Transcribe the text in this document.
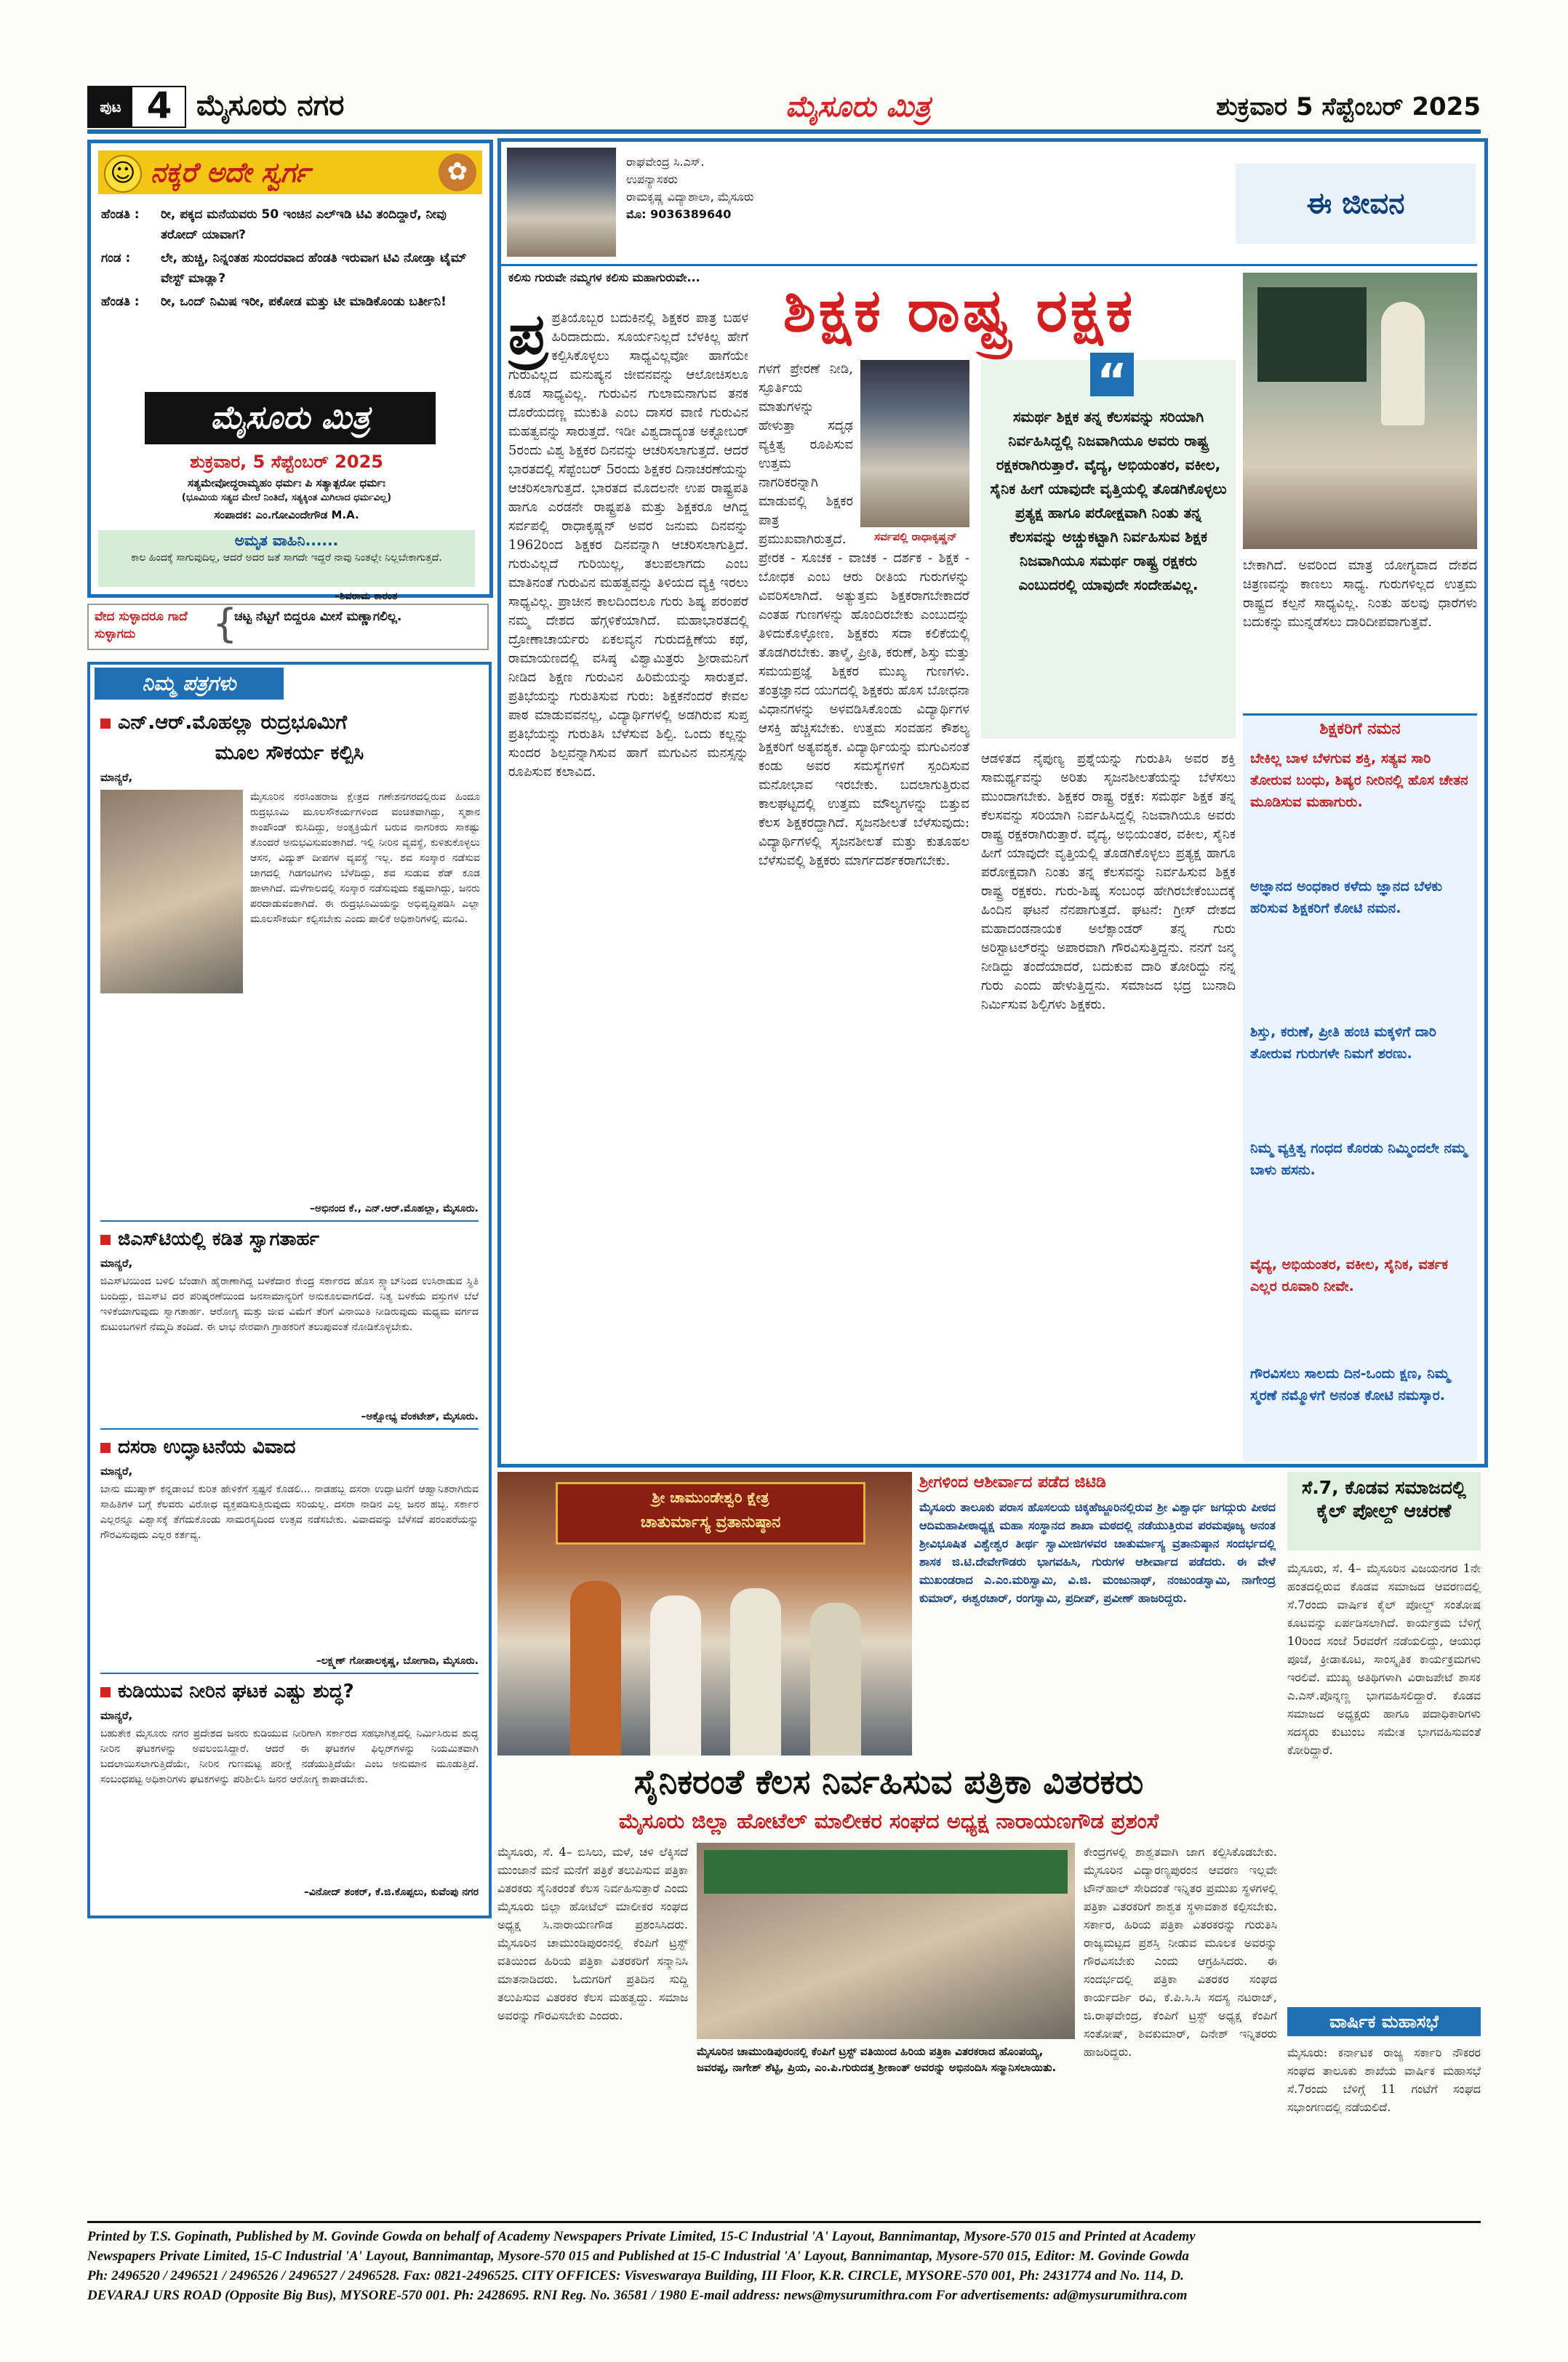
ಪುಟ 4 ಮೈಸೂರು ನಗರ	ಮೈಸೂರು ಮಿತ್ರ	ಶುಕ್ರವಾರ 5 ಸೆಪ್ಟೆಂಬರ್ 2025
☺ ನಕ್ಕರೆ ಅದೇ ಸ್ವರ್ಗ	✿
ಹೆಂಡತಿ :	ರೀ, ಪಕ್ಕದ ಮನೆಯವರು 50 ಇಂಚಿನ ಎಲ್‌ಇಡಿ ಟಿವಿ ತಂದಿದ್ದಾರೆ, ನೀವು ತರೋದ್ ಯಾವಾಗ?
ಗಂಡ :	ಲೇ, ಹುಚ್ಚಿ, ನಿನ್ನಂತಹ ಸುಂದರವಾದ ಹೆಂಡತಿ ಇರುವಾಗ ಟಿವಿ ನೋಡ್ತಾ ಟೈಮ್ ವೇಸ್ಟ್ ಮಾಡ್ಲಾ?
ಹೆಂಡತಿ :	ರೀ, ಒಂದ್ ನಿಮಿಷ ಇರೀ, ಪಕೋಡ ಮತ್ತು ಟೀ ಮಾಡಿಕೊಂಡು ಬರ್ತೀನಿ!
ಮೈಸೂರು ಮಿತ್ರ
ಶುಕ್ರವಾರ, 5 ಸೆಪ್ಟೆಂಬರ್ 2025
ಸತ್ಯಮೇವೋದ್ಧರಾಮ್ಯಹಂ ಧರ್ಮಃ ಪಿ ಸತ್ಯಾತ್ಪರೋ ಧರ್ಮಃ
(ಭೂಮಿಯ ಸತ್ಯದ ಮೇಲೆ ನಿಂತಿದೆ, ಸತ್ಯಕ್ಕಿಂತ ಮಿಗಿಲಾದ ಧರ್ಮವಿಲ್ಲ)
ಸಂಪಾದಕ: ಎಂ.ಗೋವಿಂದೇಗೌಡ M.A.
ಅಮೃತ ವಾಹಿನಿ......
ಕಾಲ ಹಿಂದಕ್ಕೆ ಸಾಗುವುದಿಲ್ಲ, ಆದರೆ ಅದರ ಜತೆ ಸಾಗದೇ ಇದ್ದರೆ ನಾವು ನಿಂತಲ್ಲೇ ನಿಲ್ಲಬೇಕಾಗುತ್ತದೆ.
–ಶಿವರಾಮ ಕಾರಂತ
ವೇದ ಸುಳ್ಳಾದರೂ ಗಾದೆ ಸುಳ್ಳಾಗದು	{
ಚಟ್ಟ ನೆಟ್ಟಗೆ ಬಿದ್ದರೂ ಮೀಸೆ ಮಣ್ಣಾಗಲಿಲ್ಲ.
ನಿಮ್ಮ ಪತ್ರಗಳು
ಎನ್.ಆರ್.ಮೊಹಲ್ಲಾ ರುದ್ರಭೂಮಿಗೆ
ಮೂಲ ಸೌಕರ್ಯ ಕಲ್ಪಿಸಿ
ಮಾನ್ಯರೆ,
ಮೈಸೂರಿನ ನರಸಿಂಹರಾಜ ಕ್ಷೇತ್ರದ ಗಣೇಶನಗರದಲ್ಲಿರುವ ಹಿಂದೂ ರುದ್ರಭೂಮಿ ಮೂಲಸೌಕರ್ಯಗಳಿಂದ ವಂಚಿತವಾಗಿದ್ದು, ಸ್ಮಶಾನ ಕಾಂಪೌಂಡ್ ಕುಸಿದಿದ್ದು, ಅಂತ್ಯಕ್ರಿಯೆಗೆ ಬರುವ ನಾಗರಿಕರು ಸಾಕಷ್ಟು ತೊಂದರೆ ಅನುಭವಿಸುವಂತಾಗಿದೆ. ಇಲ್ಲಿ ನೀರಿನ ವ್ಯವಸ್ಥೆ, ಕುಳಿತುಕೊಳ್ಳಲು ಆಸನ, ವಿದ್ಯುತ್ ದೀಪಗಳ ವ್ಯವಸ್ಥೆ ಇಲ್ಲ. ಶವ ಸಂಸ್ಕಾರ ನಡೆಸುವ ಜಾಗದಲ್ಲಿ ಗಿಡಗಂಟಿಗಳು ಬೆಳೆದಿದ್ದು, ಶವ ಸುಡುವ ಶೆಡ್ ಕೂಡ ಹಾಳಾಗಿದೆ. ಮಳೆಗಾಲದಲ್ಲಿ ಸಂಸ್ಕಾರ ನಡೆಸುವುದು ಕಷ್ಟವಾಗಿದ್ದು, ಜನರು ಪರದಾಡುವಂತಾಗಿದೆ. ಈ ರುದ್ರಭೂಮಿಯನ್ನು ಅಭಿವೃದ್ಧಿಪಡಿಸಿ ಎಲ್ಲಾ ಮೂಲಸೌಕರ್ಯ ಕಲ್ಪಿಸಬೇಕು ಎಂದು ಪಾಲಿಕೆ ಅಧಿಕಾರಿಗಳಲ್ಲಿ ಮನವಿ.
–ಅಭಿನಂದ ಕೆ., ಎನ್.ಆರ್.ಮೊಹಲ್ಲಾ, ಮೈಸೂರು.
ಜಿಎಸ್‌ಟಿಯಲ್ಲಿ ಕಡಿತ ಸ್ವಾಗತಾರ್ಹ
ಮಾನ್ಯರೆ,
ಜಿಎಸ್‌ಟಿಯಿಂದ ಬಳಲಿ ಬೆಂಡಾಗಿ ಹೈರಾಣಾಗಿದ್ದ ಬಳಕೆದಾರ ಕೇಂದ್ರ ಸರ್ಕಾರದ ಹೊಸ ಸ್ಲ್ಯಾಬ್‌ನಿಂದ ಉಸಿರಾಡುವ ಸ್ಥಿತಿ ಬಂದಿದ್ದು, ಜಿಎಸ್‌ಟಿ ದರ ಪರಿಷ್ಕರಣೆಯಿಂದ ಜನಸಾಮಾನ್ಯರಿಗೆ ಅನುಕೂಲವಾಗಲಿದೆ. ನಿತ್ಯ ಬಳಕೆಯ ವಸ್ತುಗಳ ಬೆಲೆ ಇಳಿಕೆಯಾಗುವುದು ಸ್ವಾಗತಾರ್ಹ. ಆರೋಗ್ಯ ಮತ್ತು ಜೀವ ವಿಮೆಗೆ ತೆರಿಗೆ ವಿನಾಯಿತಿ ನೀಡಿರುವುದು ಮಧ್ಯಮ ವರ್ಗದ ಕುಟುಂಬಗಳಿಗೆ ನೆಮ್ಮದಿ ತಂದಿದೆ. ಈ ಲಾಭ ನೇರವಾಗಿ ಗ್ರಾಹಕರಿಗೆ ತಲುಪುವಂತೆ ನೋಡಿಕೊಳ್ಳಬೇಕು.
–ಅಕ್ಷೋಭ್ಯ ವೆಂಕಟೇಶ್, ಮೈಸೂರು.
ದಸರಾ ಉದ್ಘಾಟನೆಯ ವಿವಾದ
ಮಾನ್ಯರೆ,
ಬಾನು ಮುಷ್ತಾಕ್ ಕನ್ನಡಾಂಬೆ ಕುರಿತ ಹೇಳಿಕೆಗೆ ಸ್ಪಷ್ಟನೆ ಕೊಡಲಿ... ನಾಡಹಬ್ಬ ದಸರಾ ಉದ್ಘಾಟನೆಗೆ ಆಹ್ವಾನಿತರಾಗಿರುವ ಸಾಹಿತಿಗಳ ಬಗ್ಗೆ ಕೆಲವರು ವಿರೋಧ ವ್ಯಕ್ತಪಡಿಸುತ್ತಿರುವುದು ಸರಿಯಲ್ಲ. ದಸರಾ ನಾಡಿನ ಎಲ್ಲ ಜನರ ಹಬ್ಬ. ಸರ್ಕಾರ ಎಲ್ಲರನ್ನೂ ವಿಶ್ವಾಸಕ್ಕೆ ತೆಗೆದುಕೊಂಡು ಸಾಮರಸ್ಯದಿಂದ ಉತ್ಸವ ನಡೆಸಬೇಕು. ವಿವಾದವನ್ನು ಬೆಳೆಸದೆ ಪರಂಪರೆಯನ್ನು ಗೌರವಿಸುವುದು ಎಲ್ಲರ ಕರ್ತವ್ಯ.
–ಲಕ್ಷ್ಮಣ್ ಗೋಪಾಲಕೃಷ್ಣ, ಬೋಗಾದಿ, ಮೈಸೂರು.
ಕುಡಿಯುವ ನೀರಿನ ಘಟಕ ಎಷ್ಟು ಶುದ್ಧ?
ಮಾನ್ಯರೆ,
ಬಹುತೇಕ ಮೈಸೂರು ನಗರ ಪ್ರದೇಶದ ಜನರು ಕುಡಿಯುವ ನೀರಿಗಾಗಿ ಸರ್ಕಾರದ ಸಹಭಾಗಿತ್ವದಲ್ಲಿ ನಿರ್ಮಿಸಿರುವ ಶುದ್ಧ ನೀರಿನ ಘಟಕಗಳನ್ನು ಅವಲಂಬಿಸಿದ್ದಾರೆ. ಆದರೆ ಈ ಘಟಕಗಳ ಫಿಲ್ಟರ್‌ಗಳನ್ನು ನಿಯಮಿತವಾಗಿ ಬದಲಾಯಿಸಲಾಗುತ್ತಿದೆಯೇ, ನೀರಿನ ಗುಣಮಟ್ಟ ಪರೀಕ್ಷೆ ನಡೆಯುತ್ತಿದೆಯೇ ಎಂಬ ಅನುಮಾನ ಮೂಡುತ್ತಿದೆ. ಸಂಬಂಧಪಟ್ಟ ಅಧಿಕಾರಿಗಳು ಘಟಕಗಳನ್ನು ಪರಿಶೀಲಿಸಿ ಜನರ ಆರೋಗ್ಯ ಕಾಪಾಡಬೇಕು.
–ವಿನೋದ್ ಶಂಕರ್, ಕೆ.ಜಿ.ಕೊಪ್ಪಲು, ಕುವೆಂಪು ನಗರ
ರಾಘವೇಂದ್ರ ಸಿ.ಎಸ್.
ಉಪನ್ಯಾಸಕರು
ರಾಮಕೃಷ್ಣ ವಿದ್ಯಾಶಾಲಾ, ಮೈಸೂರು
ಮೊ: 9036389640	ಈ ಜೀವನ
ಕಲಿಸು ಗುರುವೇ ನಮ್ಮಗಳ ಕಲಿಸು ಮಹಾಗುರುವೇ...	ಶಿಕ್ಷಕ ರಾಷ್ಟ್ರ ರಕ್ಷಕ
ಪ್ರ ಪ್ರತಿಯೊಬ್ಬರ ಬದುಕಿನಲ್ಲಿ ಶಿಕ್ಷಕರ ಪಾತ್ರ ಬಹಳ ಹಿರಿದಾದುದು. ಸೂರ್ಯನಿಲ್ಲದೆ ಬೆಳಕಿಲ್ಲ ಹೇಗೆ ಕಲ್ಪಿಸಿಕೊಳ್ಳಲು ಸಾಧ್ಯವಿಲ್ಲವೋ ಹಾಗೆಯೇ ಗುರುವಿಲ್ಲದ ಮನುಷ್ಯನ ಜೀವನವನ್ನು ಆಲೋಚಿಸಲೂ ಕೂಡ ಸಾಧ್ಯವಿಲ್ಲ. ಗುರುವಿನ ಗುಲಾಮನಾಗುವ ತನಕ ದೊರೆಯದಣ್ಣ ಮುಕುತಿ ಎಂಬ ದಾಸರ ವಾಣಿ ಗುರುವಿನ ಮಹತ್ವವನ್ನು ಸಾರುತ್ತದೆ. ಇಡೀ ವಿಶ್ವದಾದ್ಯಂತ ಅಕ್ಟೋಬರ್ 5ರಂದು ವಿಶ್ವ ಶಿಕ್ಷಕರ ದಿನವನ್ನು ಆಚರಿಸಲಾಗುತ್ತದೆ. ಆದರೆ ಭಾರತದಲ್ಲಿ ಸೆಪ್ಟೆಂಬರ್ 5ರಂದು ಶಿಕ್ಷಕರ ದಿನಾಚರಣೆಯನ್ನು ಆಚರಿಸಲಾಗುತ್ತದೆ. ಭಾರತದ ಮೊದಲನೇ ಉಪ ರಾಷ್ಟ್ರಪತಿ ಹಾಗೂ ಎರಡನೇ ರಾಷ್ಟ್ರಪತಿ ಮತ್ತು ಶಿಕ್ಷಕರೂ ಆಗಿದ್ದ ಸರ್ವಪಲ್ಲಿ ರಾಧಾಕೃಷ್ಣನ್ ಅವರ ಜನುಮ ದಿನವನ್ನು 1962ರಿಂದ ಶಿಕ್ಷಕರ ದಿನವನ್ನಾಗಿ ಆಚರಿಸಲಾಗುತ್ತಿದೆ. ಗುರುವಿಲ್ಲದೆ ಗುರಿಯಿಲ್ಲ, ತಲುಪಲಾಗದು ಎಂಬ ಮಾತಿನಂತೆ ಗುರುವಿನ ಮಹತ್ವವನ್ನು ತಿಳಿಯದ ವ್ಯಕ್ತಿ ಇರಲು ಸಾಧ್ಯವಿಲ್ಲ. ಪ್ರಾಚೀನ ಕಾಲದಿಂದಲೂ ಗುರು ಶಿಷ್ಯ ಪರಂಪರೆ ನಮ್ಮ ದೇಶದ ಹೆಗ್ಗಳಿಕೆಯಾಗಿದೆ. ಮಹಾಭಾರತದಲ್ಲಿ ದ್ರೋಣಾಚಾರ್ಯರು ಏಕಲವ್ಯನ ಗುರುದಕ್ಷಿಣೆಯ ಕಥೆ, ರಾಮಾಯಣದಲ್ಲಿ ವಸಿಷ್ಠ ವಿಶ್ವಾಮಿತ್ರರು ಶ್ರೀರಾಮನಿಗೆ ನೀಡಿದ ಶಿಕ್ಷಣ ಗುರುವಿನ ಹಿರಿಮೆಯನ್ನು ಸಾರುತ್ತವೆ. ಪ್ರತಿಭೆಯನ್ನು ಗುರುತಿಸುವ ಗುರು: ಶಿಕ್ಷಕನೆಂದರೆ ಕೇವಲ ಪಾಠ ಮಾಡುವವನಲ್ಲ, ವಿದ್ಯಾರ್ಥಿಗಳಲ್ಲಿ ಅಡಗಿರುವ ಸುಪ್ತ ಪ್ರತಿಭೆಯನ್ನು ಗುರುತಿಸಿ ಬೆಳೆಸುವ ಶಿಲ್ಪಿ. ಒಂದು ಕಲ್ಲನ್ನು ಸುಂದರ ಶಿಲ್ಪವನ್ನಾಗಿಸುವ ಹಾಗೆ ಮಗುವಿನ ಮನಸ್ಸನ್ನು ರೂಪಿಸುವ ಕಲಾವಿದ.
ಗಳಗೆ ಪ್ರೇರಣೆ ನೀಡಿ, ಸ್ಫೂರ್ತಿಯ ಮಾತುಗಳನ್ನು ಹೇಳುತ್ತಾ ಸದೃಢ ವ್ಯಕ್ತಿತ್ವ ರೂಪಿಸುವ ಉತ್ತಮ ನಾಗರಿಕರನ್ನಾಗಿ ಮಾಡುವಲ್ಲಿ ಶಿಕ್ಷಕರ ಪಾತ್ರ ಪ್ರಮುಖವಾಗಿರುತ್ತದೆ. ಪ್ರೇರಕ - ಸೂಚಕ - ವಾಚಕ - ದರ್ಶಕ - ಶಿಕ್ಷಕ - ಬೋಧಕ ಎಂಬ ಆರು ರೀತಿಯ ಗುರುಗಳನ್ನು ವಿವರಿಸಲಾಗಿದೆ. ಅತ್ಯುತ್ತಮ ಶಿಕ್ಷಕರಾಗಬೇಕಾದರೆ ಎಂತಹ ಗುಣಗಳನ್ನು ಹೊಂದಿರಬೇಕು ಎಂಬುದನ್ನು ತಿಳಿದುಕೊಳ್ಳೋಣ. ಶಿಕ್ಷಕರು ಸದಾ ಕಲಿಕೆಯಲ್ಲಿ ತೊಡಗಿರಬೇಕು. ತಾಳ್ಮೆ, ಪ್ರೀತಿ, ಕರುಣೆ, ಶಿಸ್ತು ಮತ್ತು ಸಮಯಪ್ರಜ್ಞೆ ಶಿಕ್ಷಕರ ಮುಖ್ಯ ಗುಣಗಳು. ತಂತ್ರಜ್ಞಾನದ ಯುಗದಲ್ಲಿ ಶಿಕ್ಷಕರು ಹೊಸ ಬೋಧನಾ ವಿಧಾನಗಳನ್ನು ಅಳವಡಿಸಿಕೊಂಡು ವಿದ್ಯಾರ್ಥಿಗಳ ಆಸಕ್ತಿ ಹೆಚ್ಚಿಸಬೇಕು. ಉತ್ತಮ ಸಂವಹನ ಕೌಶಲ್ಯ ಶಿಕ್ಷಕರಿಗೆ ಅತ್ಯವಶ್ಯಕ. ವಿದ್ಯಾರ್ಥಿಯನ್ನು ಮಗುವಿನಂತೆ ಕಂಡು ಅವರ ಸಮಸ್ಯೆಗಳಿಗೆ ಸ್ಪಂದಿಸುವ ಮನೋಭಾವ ಇರಬೇಕು. ಬದಲಾಗುತ್ತಿರುವ ಕಾಲಘಟ್ಟದಲ್ಲಿ ಉತ್ತಮ ಮೌಲ್ಯಗಳನ್ನು ಬಿತ್ತುವ ಕೆಲಸ ಶಿಕ್ಷಕರದ್ದಾಗಿದೆ. ಸೃಜನಶೀಲತೆ ಬೆಳೆಸುವುದು: ವಿದ್ಯಾರ್ಥಿಗಳಲ್ಲಿ ಸೃಜನಶೀಲತೆ ಮತ್ತು ಕುತೂಹಲ ಬೆಳೆಸುವಲ್ಲಿ ಶಿಕ್ಷಕರು ಮಾರ್ಗದರ್ಶಕರಾಗಬೇಕು.
ಸರ್ವಪಲ್ಲಿ ರಾಧಾಕೃಷ್ಣನ್
“
ಸಮರ್ಥ ಶಿಕ್ಷಕ ತನ್ನ ಕೆಲಸವನ್ನು ಸರಿಯಾಗಿ ನಿರ್ವಹಿಸಿದ್ದಲ್ಲಿ ನಿಜವಾಗಿಯೂ ಅವರು ರಾಷ್ಟ್ರ ರಕ್ಷಕರಾಗಿರುತ್ತಾರೆ. ವೈದ್ಯ, ಅಭಿಯಂತರ, ವಕೀಲ, ಸೈನಿಕ ಹೀಗೆ ಯಾವುದೇ ವೃತ್ತಿಯಲ್ಲಿ ತೊಡಗಿಕೊಳ್ಳಲು ಪ್ರತ್ಯಕ್ಷ ಹಾಗೂ ಪರೋಕ್ಷವಾಗಿ ನಿಂತು ತನ್ನ ಕೆಲಸವನ್ನು ಅಚ್ಚುಕಟ್ಟಾಗಿ ನಿರ್ವಹಿಸುವ ಶಿಕ್ಷಕ ನಿಜವಾಗಿಯೂ ಸಮರ್ಥ ರಾಷ್ಟ್ರ ರಕ್ಷಕರು ಎಂಬುದರಲ್ಲಿ ಯಾವುದೇ ಸಂದೇಹವಿಲ್ಲ.
ಆಡಳಿತದ ನೈಪುಣ್ಯ ಪ್ರಶ್ನೆಯನ್ನು ಗುರುತಿಸಿ ಅವರ ಶಕ್ತಿ ಸಾಮರ್ಥ್ಯವನ್ನು ಅರಿತು ಸೃಜನಶೀಲತೆಯನ್ನು ಬೆಳೆಸಲು ಮುಂದಾಗಬೇಕು. ಶಿಕ್ಷಕರ ರಾಷ್ಟ್ರ ರಕ್ಷಕ: ಸಮರ್ಥ ಶಿಕ್ಷಕ ತನ್ನ ಕೆಲಸವನ್ನು ಸರಿಯಾಗಿ ನಿರ್ವಹಿಸಿದ್ದಲ್ಲಿ ನಿಜವಾಗಿಯೂ ಅವರು ರಾಷ್ಟ್ರ ರಕ್ಷಕರಾಗಿರುತ್ತಾರೆ. ವೈದ್ಯ, ಅಭಿಯಂತರ, ವಕೀಲ, ಸೈನಿಕ ಹೀಗೆ ಯಾವುದೇ ವೃತ್ತಿಯಲ್ಲಿ ತೊಡಗಿಕೊಳ್ಳಲು ಪ್ರತ್ಯಕ್ಷ ಹಾಗೂ ಪರೋಕ್ಷವಾಗಿ ನಿಂತು ತನ್ನ ಕೆಲಸವನ್ನು ನಿರ್ವಹಿಸುವ ಶಿಕ್ಷಕ ರಾಷ್ಟ್ರ ರಕ್ಷಕರು. ಗುರು-ಶಿಷ್ಯ ಸಂಬಂಧ ಹೇಗಿರಬೇಕೆಂಬುದಕ್ಕೆ ಹಿಂದಿನ ಘಟನೆ ನೆನಪಾಗುತ್ತದೆ. ಘಟನೆ: ಗ್ರೀಸ್ ದೇಶದ ಮಹಾದಂಡನಾಯಕ ಅಲೆಕ್ಸಾಂಡರ್ ತನ್ನ ಗುರು ಅರಿಸ್ಟಾಟಲ್‌ರನ್ನು ಅಪಾರವಾಗಿ ಗೌರವಿಸುತ್ತಿದ್ದನು. ನನಗೆ ಜನ್ಮ ನೀಡಿದ್ದು ತಂದೆಯಾದರೆ, ಬದುಕುವ ದಾರಿ ತೋರಿದ್ದು ನನ್ನ ಗುರು ಎಂದು ಹೇಳುತ್ತಿದ್ದನು. ಸಮಾಜದ ಭದ್ರ ಬುನಾದಿ ನಿರ್ಮಿಸುವ ಶಿಲ್ಪಿಗಳು ಶಿಕ್ಷಕರು.
ಬೇಕಾಗಿದೆ. ಅವರಿಂದ ಮಾತ್ರ ಯೋಗ್ಯವಾದ ದೇಶದ ಚಿತ್ರಣವನ್ನು ಕಾಣಲು ಸಾಧ್ಯ. ಗುರುಗಳಿಲ್ಲದ ಉತ್ತಮ ರಾಷ್ಟ್ರದ ಕಲ್ಪನೆ ಸಾಧ್ಯವಿಲ್ಲ. ನಿಂತು ಹಲವು ಧಾರೆಗಳು ಬದುಕನ್ನು ಮುನ್ನಡೆಸಲು ದಾರಿದೀಪವಾಗುತ್ತವೆ.
ಶಿಕ್ಷಕರಿಗೆ ನಮನ
ಬೇಕಿಲ್ಲ ಬಾಳ ಬೆಳಗುವ ಶಕ್ತಿ, ಸತ್ಯವ ಸಾರಿ ತೋರುವ ಬಂಧು, ಶಿಷ್ಯರ ನೀರಿನಲ್ಲಿ ಹೊಸ ಚೇತನ ಮೂಡಿಸುವ ಮಹಾಗುರು.
ಅಜ್ಞಾನದ ಅಂಧಕಾರ ಕಳೆದು ಜ್ಞಾನದ ಬೆಳಕು ಹರಿಸುವ ಶಿಕ್ಷಕರಿಗೆ ಕೋಟಿ ನಮನ.
ಶಿಸ್ತು, ಕರುಣೆ, ಪ್ರೀತಿ ಹಂಚಿ ಮಕ್ಕಳಿಗೆ ದಾರಿ ತೋರುವ ಗುರುಗಳೇ ನಿಮಗೆ ಶರಣು.
ನಿಮ್ಮ ವ್ಯಕ್ತಿತ್ವ ಗಂಧದ ಕೊರಡು ನಿಮ್ಮಿಂದಲೇ ನಮ್ಮ ಬಾಳು ಹಸನು.
ವೈದ್ಯ, ಅಭಿಯಂತರ, ವಕೀಲ, ಸೈನಿಕ, ವರ್ತಕ ಎಲ್ಲರ ರೂವಾರಿ ನೀವೇ.
ಗೌರವಿಸಲು ಸಾಲದು ದಿನ-ಒಂದು ಕ್ಷಣ, ನಿಮ್ಮ ಸ್ಮರಣೆ ನಮ್ಮೊಳಗೆ ಅನಂತ ಕೋಟಿ ನಮಸ್ಕಾರ.
ಶ್ರೀ ಚಾಮುಂಡೇಶ್ವರಿ ಕ್ಷೇತ್ರ
ಚಾತುರ್ಮಾಸ್ಯ ವ್ರತಾನುಷ್ಠಾನ
ಶ್ರೀಗಳಿಂದ ಆಶೀರ್ವಾದ ಪಡೆದ ಜಿಟಿಡಿ
ಮೈಸೂರು ತಾಲೂಕು ಪರಾಸ ಹೊಸಲಯ ಚಿಕ್ಕಹೆಜ್ಜೂರಿನಲ್ಲಿರುವ ಶ್ರೀ ವಿಶ್ವಾರ್ಧ ಜಗದ್ಗುರು ಪೀಠದ ಆದಿಮಹಾಪೀಠಾಧ್ಯಕ್ಷ ಮಹಾ ಸಂಸ್ಥಾನದ ಶಾಖಾ ಮಠದಲ್ಲಿ ನಡೆಯುತ್ತಿರುವ ಪರಮಪೂಜ್ಯ ಅನಂತ ಶ್ರೀವಿಭೂಷಿತ ವಿಶ್ವೇಶ್ವರ ತೀರ್ಥ ಸ್ವಾಮೀಜಿಗಳವರ ಚಾತುರ್ಮಾಸ್ಯ ವ್ರತಾನುಷ್ಠಾನ ಸಂದರ್ಭದಲ್ಲಿ ಶಾಸಕ ಜಿ.ಟಿ.ದೇವೇಗೌಡರು ಭಾಗವಹಿಸಿ, ಗುರುಗಳ ಆಶೀರ್ವಾದ ಪಡೆದರು. ಈ ವೇಳೆ ಮುಖಂಡರಾದ ಎ.ಎಂ.ಮರಿಸ್ವಾಮಿ, ವಿ.ಜಿ. ಮಂಜುನಾಥ್, ನಂಜುಂಡಸ್ವಾಮಿ, ನಾಗೇಂದ್ರ ಕುಮಾರ್, ಈಶ್ವರಚಾರ್, ರಂಗಸ್ವಾಮಿ, ಪ್ರದೀಪ್, ಪ್ರವೀಣ್ ಹಾಜರಿದ್ದರು.
ಸೆ.7, ಕೊಡವ ಸಮಾಜದಲ್ಲಿ ಕೈಲ್ ಪೋಲ್ದ್ ಆಚರಣೆ
ಮೈಸೂರು, ಸೆ. 4– ಮೈಸೂರಿನ ವಿಜಯನಗರ 1ನೇ ಹಂತದಲ್ಲಿರುವ ಕೊಡವ ಸಮಾಜದ ಆವರಣದಲ್ಲಿ ಸೆ.7ರಂದು ವಾರ್ಷಿಕ ಕೈಲ್ ಪೋಲ್ದ್ ಸಂತೋಷ ಕೂಟವನ್ನು ಏರ್ಪಡಿಸಲಾಗಿದೆ. ಕಾರ್ಯಕ್ರಮ ಬೆಳಿಗ್ಗೆ 10ರಿಂದ ಸಂಜೆ 5ರವರೆಗೆ ನಡೆಯಲಿದ್ದು, ಆಯುಧ ಪೂಜೆ, ಕ್ರೀಡಾಕೂಟ, ಸಾಂಸ್ಕೃತಿಕ ಕಾರ್ಯಕ್ರಮಗಳು ಇರಲಿವೆ. ಮುಖ್ಯ ಅತಿಥಿಗಳಾಗಿ ವಿರಾಜಪೇಟೆ ಶಾಸಕ ಎ.ಎಸ್.ಪೊನ್ನಣ್ಣ ಭಾಗವಹಿಸಲಿದ್ದಾರೆ. ಕೊಡವ ಸಮಾಜದ ಅಧ್ಯಕ್ಷರು ಹಾಗೂ ಪದಾಧಿಕಾರಿಗಳು ಸದಸ್ಯರು ಕುಟುಂಬ ಸಮೇತ ಭಾಗವಹಿಸುವಂತೆ ಕೋರಿದ್ದಾರೆ.
ವಾರ್ಷಿಕ ಮಹಾಸಭೆ
ಮೈಸೂರು: ಕರ್ನಾಟಕ ರಾಜ್ಯ ಸರ್ಕಾರಿ ನೌಕರರ ಸಂಘದ ತಾಲೂಕು ಶಾಖೆಯ ವಾರ್ಷಿಕ ಮಹಾಸಭೆ ಸೆ.7ರಂದು ಬೆಳಿಗ್ಗೆ 11 ಗಂಟೆಗೆ ಸಂಘದ ಸಭಾಂಗಣದಲ್ಲಿ ನಡೆಯಲಿದೆ.
ಸೈನಿಕರಂತೆ ಕೆಲಸ ನಿರ್ವಹಿಸುವ ಪತ್ರಿಕಾ ವಿತರಕರು
ಮೈಸೂರು ಜಿಲ್ಲಾ ಹೋಟೆಲ್ ಮಾಲೀಕರ ಸಂಘದ ಅಧ್ಯಕ್ಷ ನಾರಾಯಣಗೌಡ ಪ್ರಶಂಸೆ
ಮೈಸೂರು, ಸೆ. 4– ಬಿಸಿಲು, ಮಳೆ, ಚಳಿ ಲೆಕ್ಕಿಸದೆ ಮುಂಜಾನೆ ಮನೆ ಮನೆಗೆ ಪತ್ರಿಕೆ ತಲುಪಿಸುವ ಪತ್ರಿಕಾ ವಿತರಕರು ಸೈನಿಕರಂತೆ ಕೆಲಸ ನಿರ್ವಹಿಸುತ್ತಾರೆ ಎಂದು ಮೈಸೂರು ಜಿಲ್ಲಾ ಹೋಟೆಲ್ ಮಾಲೀಕರ ಸಂಘದ ಅಧ್ಯಕ್ಷ ಸಿ.ನಾರಾಯಣಗೌಡ ಪ್ರಶಂಸಿಸಿದರು. ಮೈಸೂರಿನ ಚಾಮುಂಡಿಪುರಂನಲ್ಲಿ ಕೆಂಪಿಗೆ ಟ್ರಸ್ಟ್ ವತಿಯಿಂದ ಹಿರಿಯ ಪತ್ರಿಕಾ ವಿತರಕರಿಗೆ ಸನ್ಮಾನಿಸಿ ಮಾತನಾಡಿದರು. ಓದುಗರಿಗೆ ಪ್ರತಿದಿನ ಸುದ್ದಿ ತಲುಪಿಸುವ ವಿತರಕರ ಕೆಲಸ ಮಹತ್ವದ್ದು. ಸಮಾಜ ಅವರನ್ನು ಗೌರವಿಸಬೇಕು ಎಂದರು.
ಮೈಸೂರಿನ ಚಾಮುಂಡಿಪುರಂನಲ್ಲಿ ಕೆಂಪಿಗೆ ಟ್ರಸ್ಟ್ ವತಿಯಿಂದ ಹಿರಿಯ ಪತ್ರಿಕಾ ವಿತರಕರಾದ ಹೊಂಪಯ್ಯ, ಜವರಪ್ಪ, ನಾಗೇಶ್ ಶೆಟ್ಟಿ, ಪ್ರಿಯ, ಎಂ.ಪಿ.ಗುರುದತ್ತ ಶ್ರೀಕಾಂತ್ ಅವರನ್ನು ಅಭಿನಂದಿಸಿ ಸನ್ಮಾನಿಸಲಾಯಿತು.
ಕೇಂದ್ರಗಳಲ್ಲಿ ಶಾಶ್ವತವಾಗಿ ಜಾಗ ಕಲ್ಪಿಸಿಕೊಡಬೇಕು. ಮೈಸೂರಿನ ವಿದ್ಯಾರಣ್ಯಪುರಂನ ಆವರಣ ಇಲ್ಲವೇ ಟೌನ್‌ಹಾಲ್ ಸೇರಿದಂತೆ ಇನ್ನಿತರ ಪ್ರಮುಖ ಸ್ಥಳಗಳಲ್ಲಿ ಪತ್ರಿಕಾ ವಿತರಕರಿಗೆ ಶಾಶ್ವತ ಸ್ಥಳಾವಕಾಶ ಕಲ್ಪಿಸಬೇಕು. ಸರ್ಕಾರ, ಹಿರಿಯ ಪತ್ರಿಕಾ ವಿತರಕರನ್ನು ಗುರುತಿಸಿ ರಾಜ್ಯಮಟ್ಟದ ಪ್ರಶಸ್ತಿ ನೀಡುವ ಮೂಲಕ ಅವರನ್ನು ಗೌರವಿಸಬೇಕು ಎಂದು ಆಗ್ರಹಿಸಿದರು. ಈ ಸಂದರ್ಭದಲ್ಲಿ ಪತ್ರಿಕಾ ವಿತರಕರ ಸಂಘದ ಕಾರ್ಯದರ್ಶಿ ರವಿ, ಕೆ.ಪಿ.ಸಿ.ಸಿ ಸದಸ್ಯ ನಟರಾಜ್, ಜಿ.ರಾಘವೇಂದ್ರ, ಕೆಂಪಿಗೆ ಟ್ರಸ್ಟ್ ಅಧ್ಯಕ್ಷ ಕೆಂಪಿಗೆ ಸಂತೋಷ್, ಶಿವಕುಮಾರ್, ದಿನೇಶ್ ಇನ್ನಿತರರು ಹಾಜರಿದ್ದರು.
Printed by T.S. Gopinath, Published by M. Govinde Gowda on behalf of Academy Newspapers Private Limited, 15-C Industrial 'A' Layout, Bannimantap, Mysore-570 015 and Printed at Academy
Newspapers Private Limited, 15-C Industrial 'A' Layout, Bannimantap, Mysore-570 015 and Published at 15-C Industrial 'A' Layout, Bannimantap, Mysore-570 015, Editor: M. Govinde Gowda
Ph: 2496520 / 2496521 / 2496526 / 2496527 / 2496528. Fax: 0821-2496525. CITY OFFICES: Visveswaraya Building, III Floor, K.R. CIRCLE, MYSORE-570 001, Ph: 2431774 and No. 114, D.
DEVARAJ URS ROAD (Opposite Big Bus), MYSORE-570 001. Ph: 2428695. RNI Reg. No. 36581 / 1980 E-mail address: news@mysurumithra.com For advertisements: ad@mysurumithra.com
